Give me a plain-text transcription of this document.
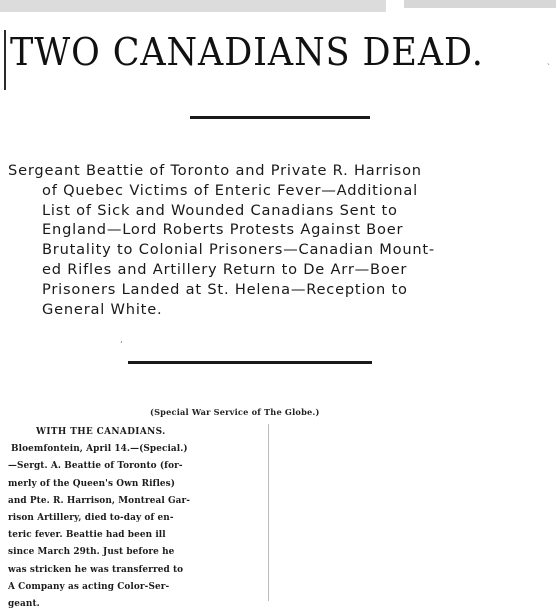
˴
TWO CANADIANS DEAD.
Sergeant Beattie of Toronto and Private R. Harrison
of Quebec Victims of Enteric Fever—Additional
List of Sick and Wounded Canadians Sent to
England—Lord Roberts Protests Against Boer
Brutality to Colonial Prisoners—Canadian Mount-
ed Rifles and Artillery Return to De Arr—Boer
Prisoners Landed at St. Helena—Reception to
General White.
ʻ
(Special War Service of The Globe.)
WITH THE CANADIANS.
Bloemfontein, April 14.—(Special.)
—Sergt. A. Beattie of Toronto (for-
merly of the Queen's Own Rifles)
and Pte. R. Harrison, Montreal Gar-
rison Artillery, died to-day of en-
teric fever. Beattie had been ill
since March 29th. Just before he
was stricken he was transferred to
A Company as acting Color-Ser-
geant.
